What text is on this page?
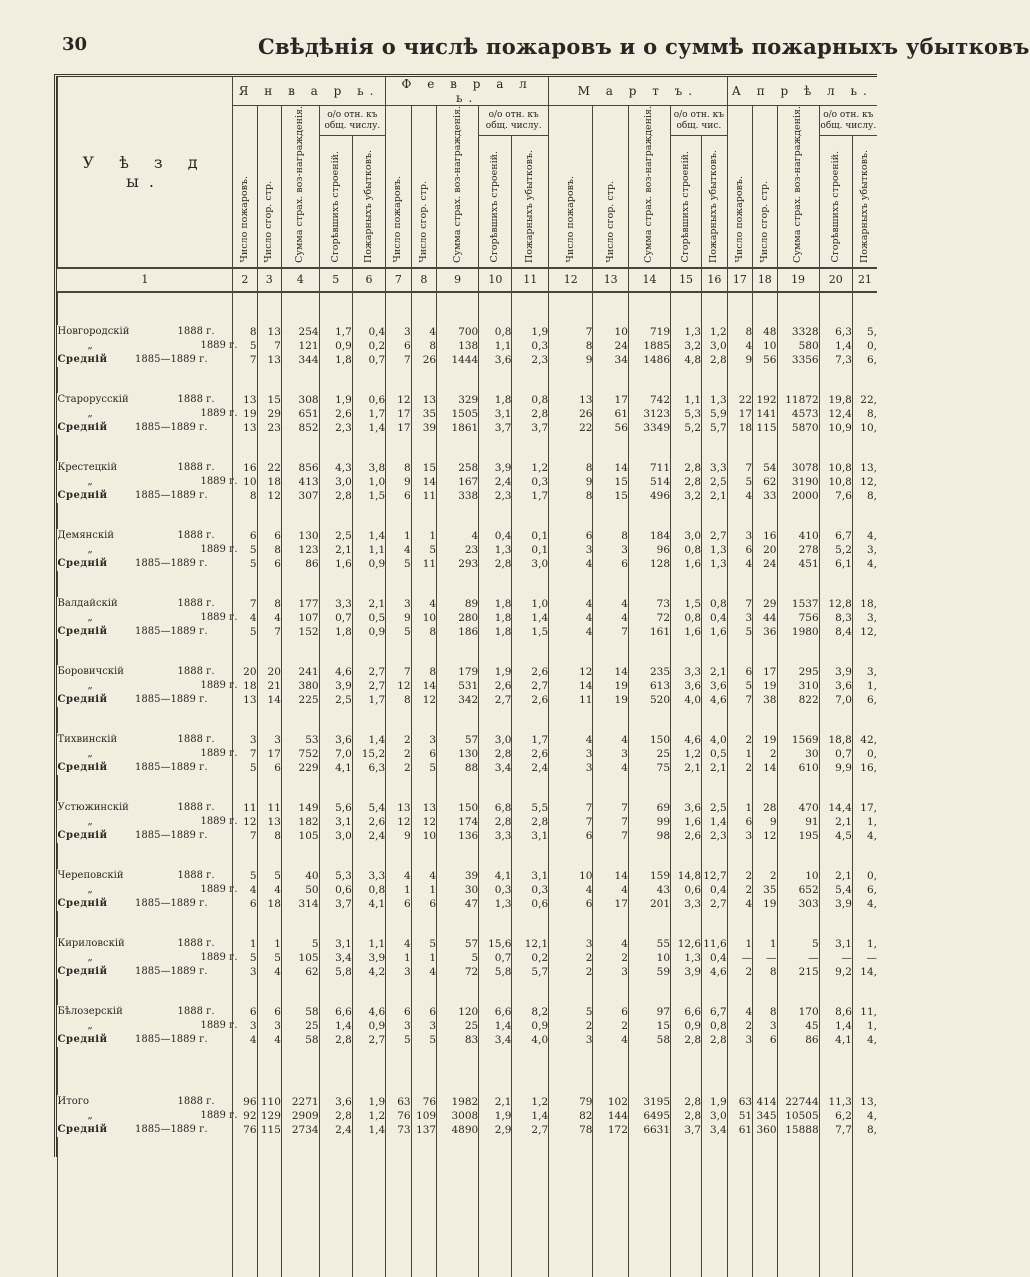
30	Свѣдѣнія о числѣ пожаровъ и о суммѣ пожарныхъ убытковъ
У ѣ з д ы.	Я н в а р ь.					Ф е в р а л ь.					М а р т ъ.					А п р ѣ л ь.				

	Число пожаровъ.	Число сгор. стр.	Сумма страх. воз-награжденія.	о/о отн. къ общ. числу.		Число пожаровъ.	Число сгор. стр.	Сумма страх. воз-награжденія.	о/о отн. къ общ. числу.		Число пожаровъ.	Число сгор. стр.	Сумма страх. воз-награжденія.	о/о отн. къ общ. чис.		Число пожаровъ.	Число сгор. стр.	Сумма страх. воз-награжденія.	о/о отн. къ общ. числу.	

				Сгорѣвшихъ строеній.	Пожарныхъ убытковъ.				Сгорѣвшихъ строеній.	Пожарныхъ убытковъ.				Сгорѣвшихъ строеній.	Пожарныхъ убытковъ.				Сгорѣвшихъ строеній.	Пожарныхъ убытковъ.

1	2	3	4	5	6	7	8	9	10	11	12	13	14	15	16	17	18	19	20	21

Новгородскій 1888 г.	8	13	254	1,7	0,4	3	4	700	0,8	1,9	7	10	719	1,3	1,2	8	48	3328	6,3	5,
„ 1889 г.	5	7	121	0,9	0,2	6	8	138	1,1	0,3	8	24	1885	3,2	3,0	4	10	580	1,4	0,
Средній 1885—1889 г.	7	13	344	1,8	0,7	7	26	1444	3,6	2,3	9	34	1486	4,8	2,8	9	56	3356	7,3	6,

Старорусскій 1888 г.	13	15	308	1,9	0,6	12	13	329	1,8	0,8	13	17	742	1,1	1,3	22	192	11872	19,8	22,
„ 1889 г.	19	29	651	2,6	1,7	17	35	1505	3,1	2,8	26	61	3123	5,3	5,9	17	141	4573	12,4	8,
Средній 1885—1889 г.	13	23	852	2,3	1,4	17	39	1861	3,7	3,7	22	56	3349	5,2	5,7	18	115	5870	10,9	10,

Крестецкій 1888 г.	16	22	856	4,3	3,8	8	15	258	3,9	1,2	8	14	711	2,8	3,3	7	54	3078	10,8	13,
„ 1889 г.	10	18	413	3,0	1,0	9	14	167	2,4	0,3	9	15	514	2,8	2,5	5	62	3190	10,8	12,
Средній 1885—1889 г.	8	12	307	2,8	1,5	6	11	338	2,3	1,7	8	15	496	3,2	2,1	4	33	2000	7,6	8,

Демянскій 1888 г.	6	6	130	2,5	1,4	1	1	4	0,4	0,1	6	8	184	3,0	2,7	3	16	410	6,7	4,
„ 1889 г.	5	8	123	2,1	1,1	4	5	23	1,3	0,1	3	3	96	0,8	1,3	6	20	278	5,2	3,
Средній 1885—1889 г.	5	6	86	1,6	0,9	5	11	293	2,8	3,0	4	6	128	1,6	1,3	4	24	451	6,1	4,

Валдайскій 1888 г.	7	8	177	3,3	2,1	3	4	89	1,8	1,0	4	4	73	1,5	0,8	7	29	1537	12,8	18,
„ 1889 г.	4	4	107	0,7	0,5	9	10	280	1,8	1,4	4	4	72	0,8	0,4	3	44	756	8,3	3,
Средній 1885—1889 г.	5	7	152	1,8	0,9	5	8	186	1,8	1,5	4	7	161	1,6	1,6	5	36	1980	8,4	12,

Боровичскій 1888 г.	20	20	241	4,6	2,7	7	8	179	1,9	2,6	12	14	235	3,3	2,1	6	17	295	3,9	3,
„ 1889 г.	18	21	380	3,9	2,7	12	14	531	2,6	2,7	14	19	613	3,6	3,6	5	19	310	3,6	1,
Средній 1885—1889 г.	13	14	225	2,5	1,7	8	12	342	2,7	2,6	11	19	520	4,0	4,6	7	38	822	7,0	6,

Тихвинскій 1888 г.	3	3	53	3,6	1,4	2	3	57	3,0	1,7	4	4	150	4,6	4,0	2	19	1569	18,8	42,
„ 1889 г.	7	17	752	7,0	15,2	2	6	130	2,8	2,6	3	3	25	1,2	0,5	1	2	30	0,7	0,
Средній 1885—1889 г.	5	6	229	4,1	6,3	2	5	88	3,4	2,4	3	4	75	2,1	2,1	2	14	610	9,9	16,

Устюжинскій 1888 г.	11	11	149	5,6	5,4	13	13	150	6,8	5,5	7	7	69	3,6	2,5	1	28	470	14,4	17,
„ 1889 г.	12	13	182	3,1	2,6	12	12	174	2,8	2,8	7	7	99	1,6	1,4	6	9	91	2,1	1,
Средній 1885—1889 г.	7	8	105	3,0	2,4	9	10	136	3,3	3,1	6	7	98	2,6	2,3	3	12	195	4,5	4,

Череповскій 1888 г.	5	5	40	5,3	3,3	4	4	39	4,1	3,1	10	14	159	14,8	12,7	2	2	10	2,1	0,
„ 1889 г.	4	4	50	0,6	0,8	1	1	30	0,3	0,3	4	4	43	0,6	0,4	2	35	652	5,4	6,
Средній 1885—1889 г.	6	18	314	3,7	4,1	6	6	47	1,3	0,6	6	17	201	3,3	2,7	4	19	303	3,9	4,

Кириловскій 1888 г.	1	1	5	3,1	1,1	4	5	57	15,6	12,1	3	4	55	12,6	11,6	1	1	5	3,1	1,
„ 1889 г.	5	5	105	3,4	3,9	1	1	5	0,7	0,2	2	2	10	1,3	0,4	—	—	—	—	—
Средній 1885—1889 г.	3	4	62	5,8	4,2	3	4	72	5,8	5,7	2	3	59	3,9	4,6	2	8	215	9,2	14,

Бѣлозерскій 1888 г.	6	6	58	6,6	4,6	6	6	120	6,6	8,2	5	6	97	6,6	6,7	4	8	170	8,6	11,
„ 1889 г.	3	3	25	1,4	0,9	3	3	25	1,4	0,9	2	2	15	0,9	0,8	2	3	45	1,4	1,
Средній 1885—1889 г.	4	4	58	2,8	2,7	5	5	83	3,4	4,0	3	4	58	2,8	2,8	3	6	86	4,1	4,

Итого 1888 г.	96	110	2271	3,6	1,9	63	76	1982	2,1	1,2	79	102	3195	2,8	1,9	63	414	22744	11,3	13,
„ 1889 г.	92	129	2909	2,8	1,2	76	109	3008	1,9	1,4	82	144	6495	2,8	3,0	51	345	10505	6,2	4,
Средній 1885—1889 г.	76	115	2734	2,4	1,4	73	137	4890	2,9	2,7	78	172	6631	3,7	3,4	61	360	15888	7,7	8,
